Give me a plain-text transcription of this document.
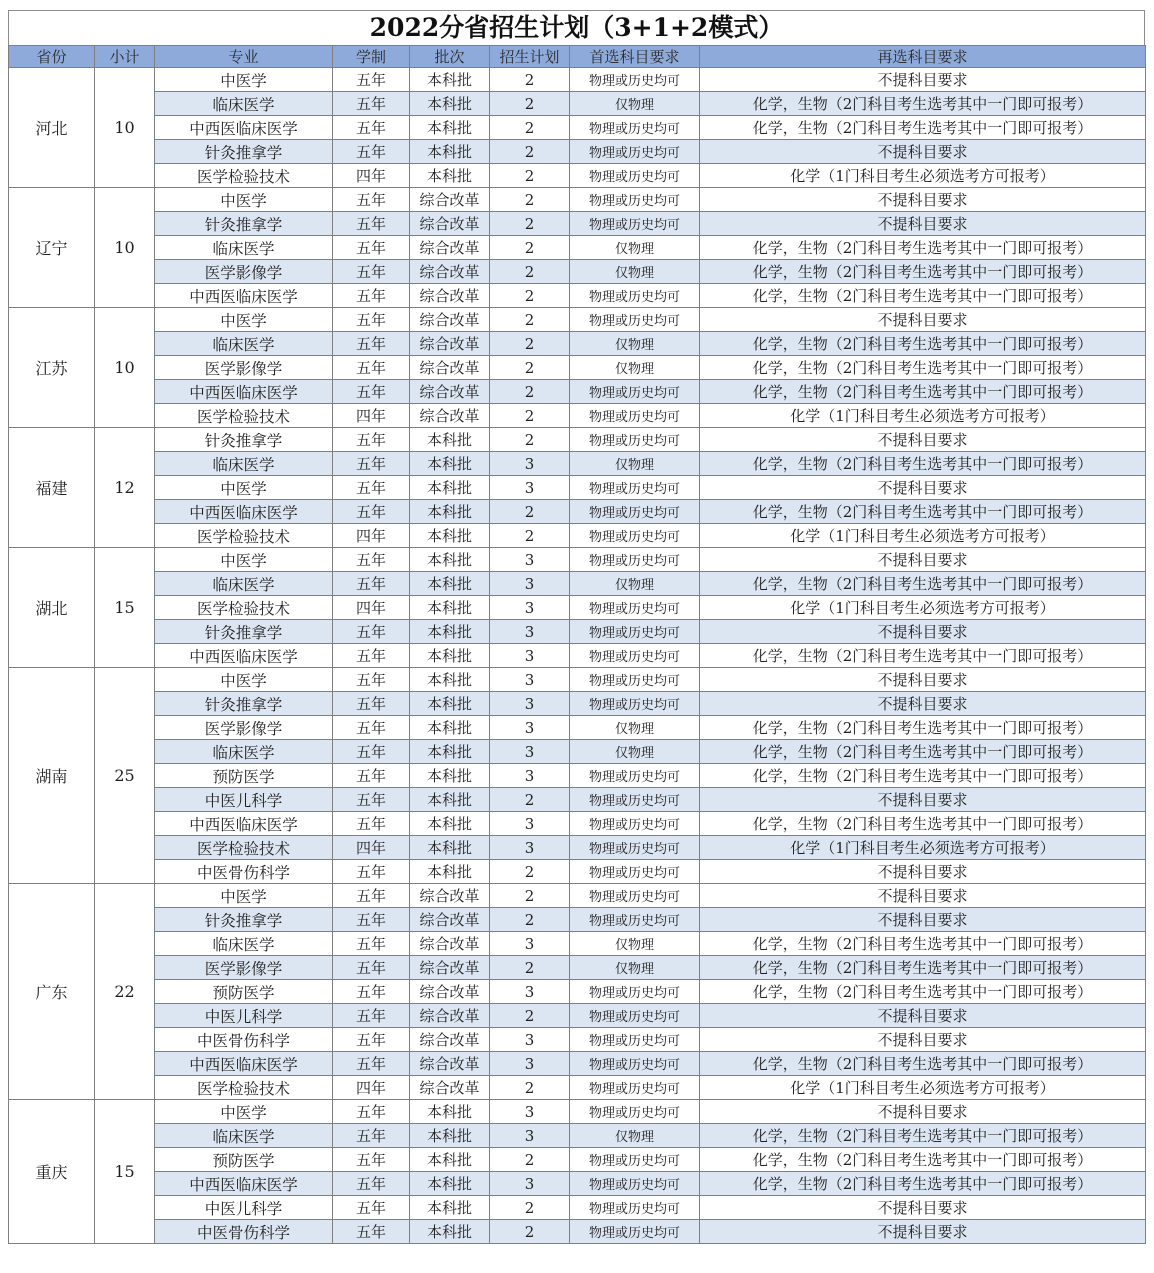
2022分省招生计划（3+1+2模式）
省份	小计	专业	学制	批次	招生计划	首选科目要求	再选科目要求
河北	10	中医学	五年	本科批	2	物理或历史均可	不提科目要求
		临床医学	五年	本科批	2	仅物理	化学，生物（2门科目考生选考其中一门即可报考）
		中西医临床医学	五年	本科批	2	物理或历史均可	化学，生物（2门科目考生选考其中一门即可报考）
		针灸推拿学	五年	本科批	2	物理或历史均可	不提科目要求
		医学检验技术	四年	本科批	2	物理或历史均可	化学（1门科目考生必须选考方可报考）
辽宁	10	中医学	五年	综合改革	2	物理或历史均可	不提科目要求
		针灸推拿学	五年	综合改革	2	物理或历史均可	不提科目要求
		临床医学	五年	综合改革	2	仅物理	化学，生物（2门科目考生选考其中一门即可报考）
		医学影像学	五年	综合改革	2	仅物理	化学，生物（2门科目考生选考其中一门即可报考）
		中西医临床医学	五年	综合改革	2	物理或历史均可	化学，生物（2门科目考生选考其中一门即可报考）
江苏	10	中医学	五年	综合改革	2	物理或历史均可	不提科目要求
		临床医学	五年	综合改革	2	仅物理	化学，生物（2门科目考生选考其中一门即可报考）
		医学影像学	五年	综合改革	2	仅物理	化学，生物（2门科目考生选考其中一门即可报考）
		中西医临床医学	五年	综合改革	2	物理或历史均可	化学，生物（2门科目考生选考其中一门即可报考）
		医学检验技术	四年	综合改革	2	物理或历史均可	化学（1门科目考生必须选考方可报考）
福建	12	针灸推拿学	五年	本科批	2	物理或历史均可	不提科目要求
		临床医学	五年	本科批	3	仅物理	化学，生物（2门科目考生选考其中一门即可报考）
		中医学	五年	本科批	3	物理或历史均可	不提科目要求
		中西医临床医学	五年	本科批	2	物理或历史均可	化学，生物（2门科目考生选考其中一门即可报考）
		医学检验技术	四年	本科批	2	物理或历史均可	化学（1门科目考生必须选考方可报考）
湖北	15	中医学	五年	本科批	3	物理或历史均可	不提科目要求
		临床医学	五年	本科批	3	仅物理	化学，生物（2门科目考生选考其中一门即可报考）
		医学检验技术	四年	本科批	3	物理或历史均可	化学（1门科目考生必须选考方可报考）
		针灸推拿学	五年	本科批	3	物理或历史均可	不提科目要求
		中西医临床医学	五年	本科批	3	物理或历史均可	化学，生物（2门科目考生选考其中一门即可报考）
湖南	25	中医学	五年	本科批	3	物理或历史均可	不提科目要求
		针灸推拿学	五年	本科批	3	物理或历史均可	不提科目要求
		医学影像学	五年	本科批	3	仅物理	化学，生物（2门科目考生选考其中一门即可报考）
		临床医学	五年	本科批	3	仅物理	化学，生物（2门科目考生选考其中一门即可报考）
		预防医学	五年	本科批	3	物理或历史均可	化学，生物（2门科目考生选考其中一门即可报考）
		中医儿科学	五年	本科批	2	物理或历史均可	不提科目要求
		中西医临床医学	五年	本科批	3	物理或历史均可	化学，生物（2门科目考生选考其中一门即可报考）
		医学检验技术	四年	本科批	3	物理或历史均可	化学（1门科目考生必须选考方可报考）
		中医骨伤科学	五年	本科批	2	物理或历史均可	不提科目要求
广东	22	中医学	五年	综合改革	2	物理或历史均可	不提科目要求
		针灸推拿学	五年	综合改革	2	物理或历史均可	不提科目要求
		临床医学	五年	综合改革	3	仅物理	化学，生物（2门科目考生选考其中一门即可报考）
		医学影像学	五年	综合改革	2	仅物理	化学，生物（2门科目考生选考其中一门即可报考）
		预防医学	五年	综合改革	3	物理或历史均可	化学，生物（2门科目考生选考其中一门即可报考）
		中医儿科学	五年	综合改革	2	物理或历史均可	不提科目要求
		中医骨伤科学	五年	综合改革	3	物理或历史均可	不提科目要求
		中西医临床医学	五年	综合改革	3	物理或历史均可	化学，生物（2门科目考生选考其中一门即可报考）
		医学检验技术	四年	综合改革	2	物理或历史均可	化学（1门科目考生必须选考方可报考）
重庆	15	中医学	五年	本科批	3	物理或历史均可	不提科目要求
		临床医学	五年	本科批	3	仅物理	化学，生物（2门科目考生选考其中一门即可报考）
		预防医学	五年	本科批	2	物理或历史均可	化学，生物（2门科目考生选考其中一门即可报考）
		中西医临床医学	五年	本科批	3	物理或历史均可	化学，生物（2门科目考生选考其中一门即可报考）
		中医儿科学	五年	本科批	2	物理或历史均可	不提科目要求
		中医骨伤科学	五年	本科批	2	物理或历史均可	不提科目要求
